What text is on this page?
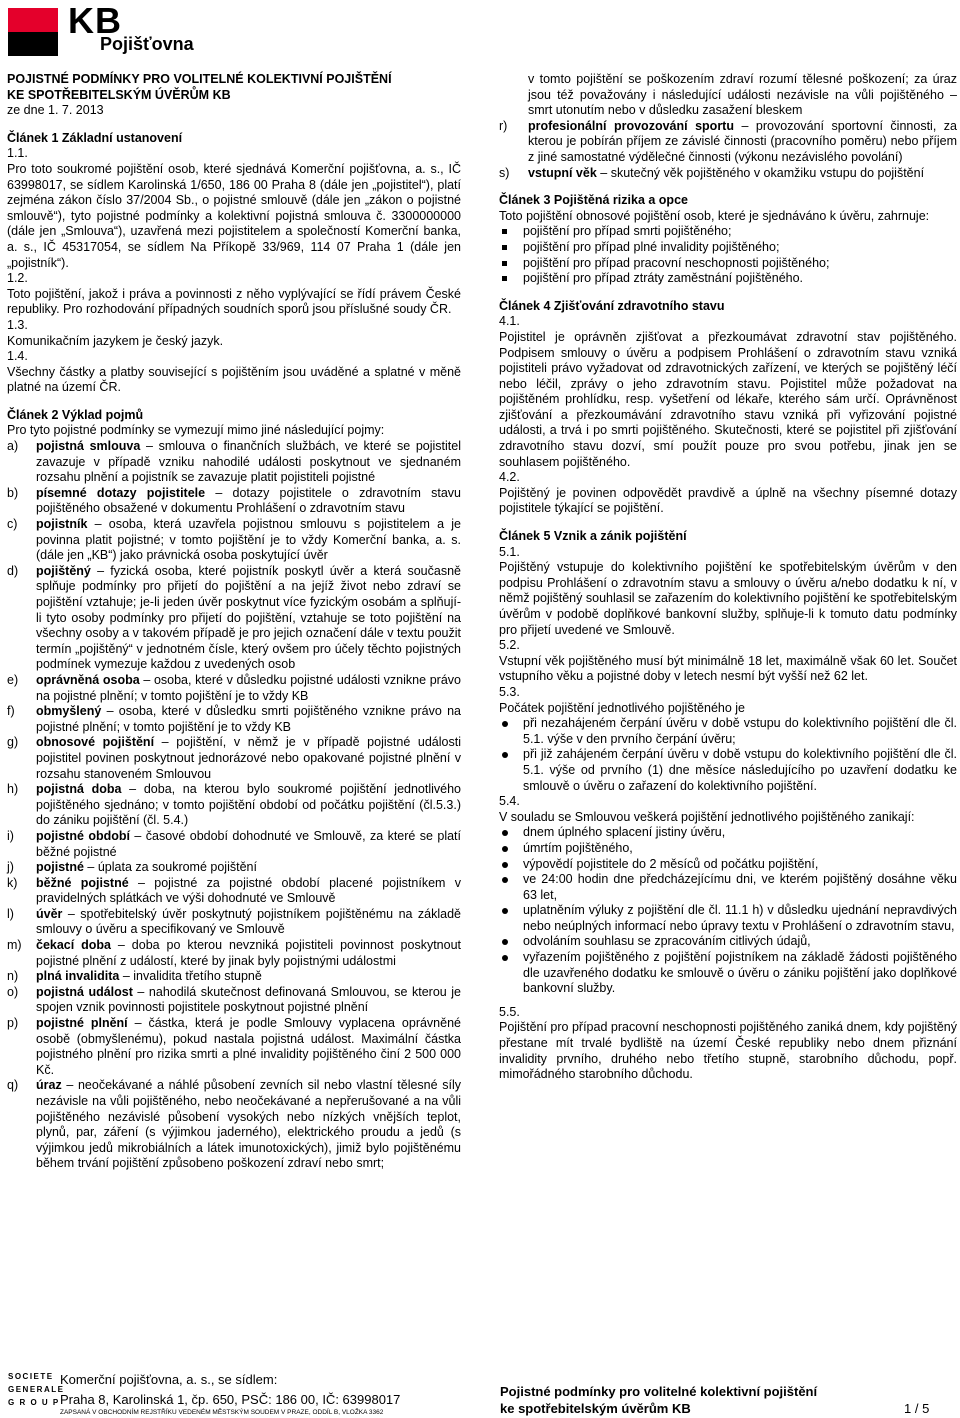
KB
Pojišťovna
POJISTNÉ PODMÍNKY PRO VOLITELNÉ KOLEKTIVNÍ POJIŠTĚNÍ
KE SPOTŘEBITELSKÝM ÚVĚRŮM KB

ze dne 1. 7. 2013

Článek 1 Základní ustanovení

1.1.

Pro toto soukromé pojištění osob, které sjednává Komerční pojišťovna, a. s., IČ 63998017, se sídlem Karolinská 1/650, 186 00 Praha 8 (dále jen „pojistitel“), platí zejména zákon číslo 37/2004 Sb., o pojistné smlouvě (dále jen „zákon o pojistné smlouvě“), tyto pojistné podmínky a kolektivní pojistná smlouva č. 3300000000 (dále jen „Smlouva“), uzavřená mezi pojistitelem a společností Komerční banka, a. s., IČ 45317054, se sídlem Na Příkopě 33/969, 114 07 Praha 1 (dále jen „pojistník“).

1.2.

Toto pojištění, jakož i práva a povinnosti z něho vyplývající se řídí právem České republiky. Pro rozhodování případných soudních sporů jsou příslušné soudy ČR.

1.3.

Komunikačním jazykem je český jazyk.

1.4.

Všechny částky a platby související s pojištěním jsou uváděné a splatné v měně platné na území ČR.

Článek 2 Výklad pojmů

Pro tyto pojistné podmínky se vymezují mimo jiné následující pojmy:

a)	pojistná smlouva – smlouva o finančních službách, ve které se pojistitel zavazuje v případě vzniku nahodilé události poskytnout ve sjednaném rozsahu plnění a pojistník se zavazuje platit pojistiteli pojistné
b)	písemné dotazy pojistitele – dotazy pojistitele o zdravotním stavu pojištěného obsažené v dokumentu Prohlášení o zdravotním stavu
c)	pojistník – osoba, která uzavřela pojistnou smlouvu s pojistitelem a je povinna platit pojistné; v tomto pojištění je to vždy Komerční banka, a. s. (dále jen „KB“) jako právnická osoba poskytující úvěr
d)	pojištěný – fyzická osoba, které pojistník poskytl úvěr a která současně splňuje podmínky pro přijetí do pojištění a na jejíž život nebo zdraví se pojištění vztahuje; je-li jeden úvěr poskytnut více fyzickým osobám a splňují-li tyto osoby podmínky pro přijetí do pojištění, vztahuje se toto pojištění na všechny osoby a v takovém případě je pro jejich označení dále v textu použit termín „pojištěný“ v jednotném čísle, který ovšem pro účely těchto pojistných podmínek vymezuje každou z uvedených osob
e)	oprávněná osoba – osoba, které v důsledku pojistné události vznikne právo na pojistné plnění; v tomto pojištění je to vždy KB
f)	obmyšlený – osoba, které v důsledku smrti pojištěného vznikne právo na pojistné plnění; v tomto pojištění je to vždy KB
g)	obnosové pojištění – pojištění, v němž je v případě pojistné události pojistitel povinen poskytnout jednorázové nebo opakované pojistné plnění v rozsahu stanoveném Smlouvou
h)	pojistná doba – doba, na kterou bylo soukromé pojištění jednotlivého pojištěného sjednáno; v tomto pojištění období od počátku pojištění (čl.5.3.) do zániku pojištění (čl. 5.4.)
i)	pojistné období – časové období dohodnuté ve Smlouvě, za které se platí běžné pojistné
j)	pojistné – úplata za soukromé pojištění
k)	běžné pojistné – pojistné za pojistné období placené pojistníkem v pravidelných splátkách ve výši dohodnuté ve Smlouvě
l)	úvěr – spotřebitelský úvěr poskytnutý pojistníkem pojištěnému na základě smlouvy o úvěru a specifikovaný ve Smlouvě
m)	čekací doba – doba po kterou nevzniká pojistiteli povinnost poskytnout pojistné plnění z událostí, které by jinak byly pojistnými událostmi
n)	plná invalidita – invalidita třetího stupně
o)	pojistná událost – nahodilá skutečnost definovaná Smlouvou, se kterou je spojen vznik povinnosti pojistitele poskytnout pojistné plnění
p)	pojistné plnění – částka, která je podle Smlouvy vyplacena oprávněné osobě (obmyšlenému), pokud nastala pojistná událost. Maximální částka pojistného plnění pro rizika smrti a plné invalidity pojištěného činí 2 500 000 Kč.
q)	úraz – neočekávané a náhlé působení zevních sil nebo vlastní tělesné síly nezávisle na vůli pojištěného, nebo neočekávané a nepřerušované a na vůli pojištěného nezávislé působení vysokých nebo nízkých vnějších teplot, plynů, par, záření (s výjimkou jaderného), elektrického proudu a jedů (s výjimkou jedů mikrobiálních a látek imunotoxických), jimiž bylo pojištěnému během trvání pojištění způsobeno poškození zdraví nebo smrt;
v tomto pojištění se poškozením zdraví rozumí tělesné poškození; za úraz jsou též považovány i následující události nezávisle na vůli pojištěného – smrt utonutím nebo v důsledku zasažení bleskem
r)	profesionální provozování sportu – provozování sportovní činnosti, za kterou je pobírán příjem ze závislé činnosti (pracovního poměru) nebo příjem z jiné samostatné výdělečné činnosti (výkonu nezávislého povolání)
s)	vstupní věk – skutečný věk pojištěného v okamžiku vstupu do pojištění

Článek 3 Pojištěná rizika a opce

Toto pojištění obnosové pojištění osob, které je sjednáváno k úvěru, zahrnuje:

pojištění pro případ smrti pojištěného;
pojištění pro případ plné invalidity pojištěného;
pojištění pro případ pracovní neschopnosti pojištěného;
pojištění pro případ ztráty zaměstnání pojištěného.

Článek 4 Zjišťování zdravotního stavu

4.1.

Pojistitel je oprávněn zjišťovat a přezkoumávat zdravotní stav pojištěného. Podpisem smlouvy o úvěru a podpisem Prohlášení o zdravotním stavu vzniká pojistiteli právo vyžadovat od zdravotnických zařízení, ve kterých se pojištěný léčí nebo léčil, zprávy o jeho zdravotním stavu. Pojistitel může požadovat na pojištěném prohlídku, resp. vyšetření od lékaře, kterého sám určí. Oprávněnost zjišťování a přezkoumávání zdravotního stavu vzniká při vyřizování pojistné události, a trvá i po smrti pojištěného. Skutečnosti, které se pojistitel při zjišťování zdravotního stavu dozví, smí použít pouze pro svou potřebu, jinak jen se souhlasem pojištěného.

4.2.

Pojištěný je povinen odpovědět pravdivě a úplně na všechny písemné dotazy pojistitele týkající se pojištění.

Článek 5 Vznik a zánik pojištění

5.1.

Pojištěný vstupuje do kolektivního pojištění ke spotřebitelským úvěrům v den podpisu Prohlášení o zdravotním stavu a smlouvy o úvěru a/nebo dodatku k ní, v němž pojištěný souhlasil se zařazením do kolektivního pojištění ke spotřebitelským úvěrům v podobě doplňkové bankovní služby, splňuje-li k tomuto datu podmínky pro přijetí uvedené ve Smlouvě.

5.2.

Vstupní věk pojištěného musí být minimálně 18 let, maximálně však 60 let. Součet vstupního věku a pojistné doby v letech nesmí být vyšší než 62 let.

5.3.

Počátek pojištění jednotlivého pojištěného je

při nezahájeném čerpání úvěru v době vstupu do kolektivního pojištění dle čl. 5.1. výše v den prvního čerpání úvěru;
při již zahájeném čerpání úvěru v době vstupu do kolektivního pojištění dle čl. 5.1. výše od prvního (1) dne měsíce následujícího po uzavření dodatku ke smlouvě o úvěru o zařazení do kolektivního pojištění.

5.4.

V souladu se Smlouvou veškerá pojištění jednotlivého pojištěného zanikají:

dnem úplného splacení jistiny úvěru,
úmrtím pojištěného,
výpovědí pojistitele do 2 měsíců od počátku pojištění,
ve 24:00 hodin dne předcházejícímu dni, ve kterém pojištěný dosáhne věku 63 let,
uplatněním výluky z pojištění dle čl. 11.1 h) v důsledku ujednání nepravdivých nebo neúplných informací nebo úpravy textu v Prohlášení o zdravotním stavu,
odvoláním souhlasu se zpracováním citlivých údajů,
vyřazením pojištěného z pojištění pojistníkem na základě žádosti pojištěného dle uzavřeného dodatku ke smlouvě o úvěru o zániku pojištění jako doplňkové bankovní služby.

5.5.

Pojištění pro případ pracovní neschopnosti pojištěného zaniká dnem, kdy pojištěný přestane mít trvalé bydliště na území České republiky nebo dnem přiznání invalidity prvního, druhého nebo třetího stupně, starobního důchodu, popř. mimořádného starobního důchodu.

SOCIETE
GENERALE
G R O U P
Komerční pojišťovna, a. s., se sídlem:
Praha 8, Karolinská 1, čp. 650, PSČ: 186 00, IČ: 63998017
ZAPSANÁ V OBCHODNÍM REJSTŘÍKU VEDENÉM MĚSTSKÝM SOUDEM V PRAZE, ODDÍL B, VLOŽKA 3362
Pojistné podmínky pro volitelné kolektivní pojištění
ke spotřebitelským úvěrům KB	1 / 5
